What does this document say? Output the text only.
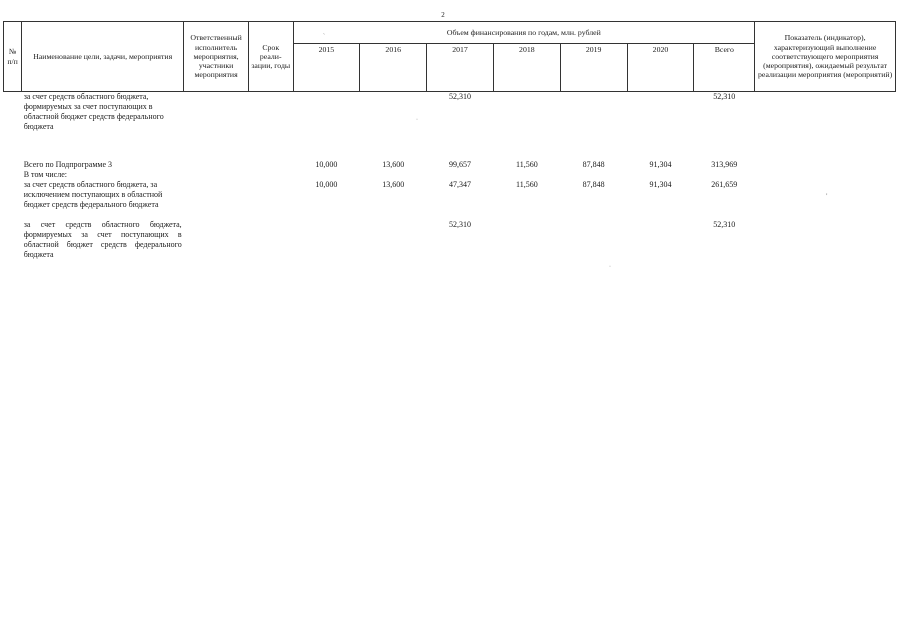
2
№ п/п	Наименование цели, задачи, мероприятия	Ответственный исполнитель мероприятия, участники мероприятия	Срок реали-зации, годы	Объем финансирования по годам, млн. рублей							Показатель (индикатор), характеризующий выполнение соответствующего мероприятия (мероприятия), ожидаемый результат реализации мероприятия (мероприятий)
				2015	2016	2017	2018	2019	2020	Всего	
	за счет средств областного бюджета, формируемых за счет поступающих в областной бюджет средств федерального бюджета					52,310				52,310	

	Всего по Подпрограмме 3			10,000	13,600	99,657	11,560	87,848	91,304	313,969	
	В том числе:										
	за счет средств областного бюджета, за исключением поступающих в областной бюджет средств федерального бюджета			10,000	13,600	47,347	11,560	87,848	91,304	261,659	

	за счет средств областного бюджета, формируемых за счет поступающих в областной бюджет средств федерального бюджета					52,310				52,310	
`
·
,
·
